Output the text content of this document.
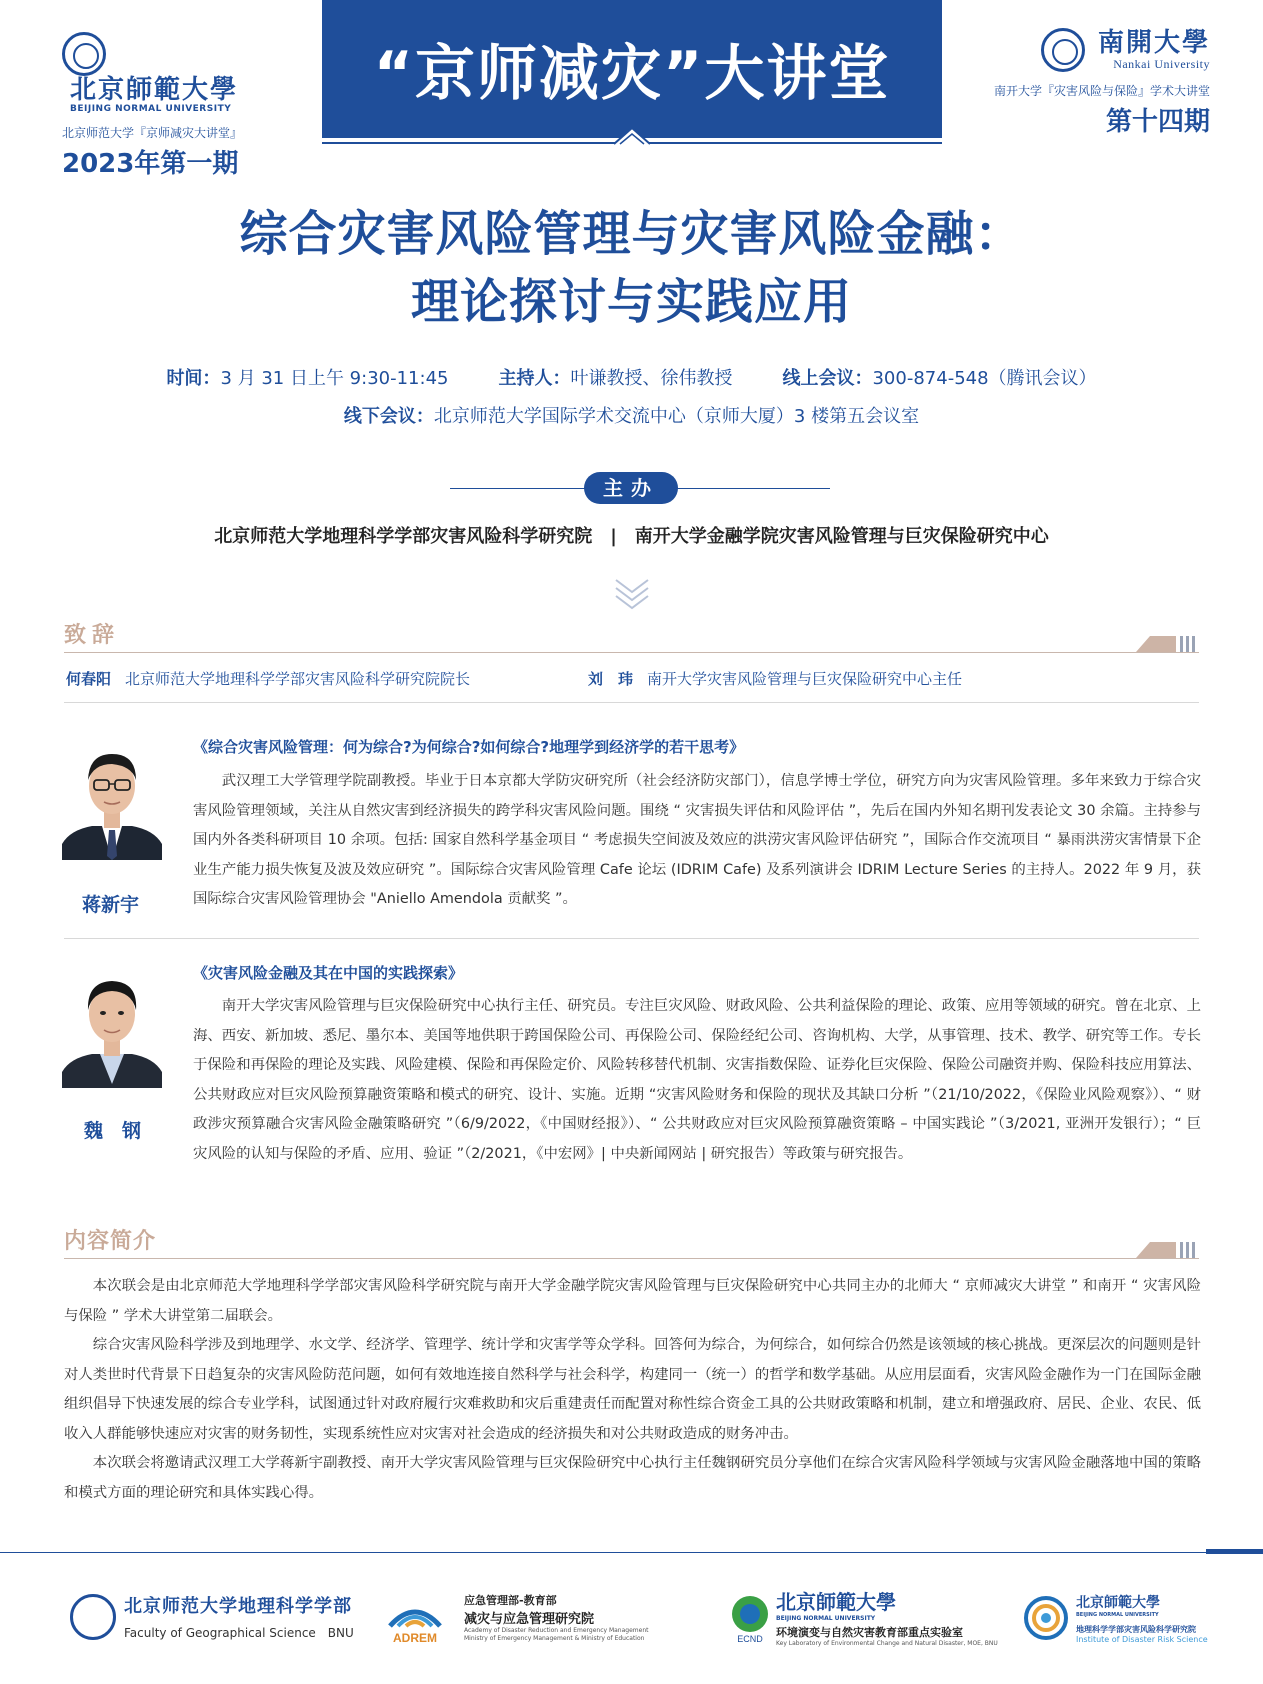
北京師範大學
BEIJING NORMAL UNIVERSITY
北京师范大学『京师减灾大讲堂』
2023年第一期
“京师减灾”大讲堂
	南開大學
Nankai University
南开大学『灾害风险与保险』学术大讲堂
第十四期
综合灾害风险管理与灾害风险金融：
理论探讨与实践应用
时间：3 月 31 日上午 9:30-11:45	主持人：叶谦教授、徐伟教授	线上会议：300-874-548（腾讯会议）
线下会议：北京师范大学国际学术交流中心（京师大厦）3 楼第五会议室
主办
北京师范大学地理科学学部灾害风险科学研究院 | 南开大学金融学院灾害风险管理与巨灾保险研究中心
致辞
何春阳 北京师范大学地理科学学部灾害风险科学研究院院长	刘　玮 南开大学灾害风险管理与巨灾保险研究中心主任
蒋新宇
《综合灾害风险管理：何为综合?为何综合?如何综合?地理学到经济学的若干思考》
武汉理工大学管理学院副教授。毕业于日本京都大学防灾研究所（社会经济防灾部门），信息学博士学位，研究方向为灾害风险管理。多年来致力于综合灾害风险管理领域，关注从自然灾害到经济损失的跨学科灾害风险问题。围绕 “ 灾害损失评估和风险评估 ”，先后在国内外知名期刊发表论文 30 余篇。主持参与国内外各类科研项目 10 余项。包括: 国家自然科学基金项目 “ 考虑损失空间波及效应的洪涝灾害风险评估研究 ”，国际合作交流项目 “ 暴雨洪涝灾害情景下企业生产能力损失恢复及波及效应研究 ”。国际综合灾害风险管理 Cafe 论坛 (IDRIM Cafe) 及系列演讲会 IDRIM Lecture Series 的主持人。2022 年 9 月，获国际综合灾害风险管理协会 "Aniello Amendola 贡献奖 ”。
魏　钢
《灾害风险金融及其在中国的实践探索》
南开大学灾害风险管理与巨灾保险研究中心执行主任、研究员。专注巨灾风险、财政风险、公共利益保险的理论、政策、应用等领域的研究。曾在北京、上海、西安、新加坡、悉尼、墨尔本、美国等地供职于跨国保险公司、再保险公司、保险经纪公司、咨询机构、大学，从事管理、技术、教学、研究等工作。专长于保险和再保险的理论及实践、风险建模、保险和再保险定价、风险转移替代机制、灾害指数保险、证券化巨灾保险、保险公司融资并购、保险科技应用算法、公共财政应对巨灾风险预算融资策略和模式的研究、设计、实施。近期 “灾害风险财务和保险的现状及其缺口分析 ”（21/10/2022，《保险业风险观察》）、“ 财政涉灾预算融合灾害风险金融策略研究 ”（6/9/2022，《中国财经报》）、“ 公共财政应对巨灾风险预算融资策略 – 中国实践论 ”（3/2021, 亚洲开发银行）；“ 巨灾风险的认知与保险的矛盾、应用、验证 ”（2/2021，《中宏网》| 中央新闻网站 | 研究报告）等政策与研究报告。
内容简介

本次联会是由北京师范大学地理科学学部灾害风险科学研究院与南开大学金融学院灾害风险管理与巨灾保险研究中心共同主办的北师大 “ 京师减灾大讲堂 ” 和南开 “ 灾害风险与保险 ” 学术大讲堂第二届联会。

综合灾害风险科学涉及到地理学、水文学、经济学、管理学、统计学和灾害学等众学科。回答何为综合，为何综合，如何综合仍然是该领域的核心挑战。更深层次的问题则是针对人类世时代背景下日趋复杂的灾害风险防范问题，如何有效地连接自然科学与社会科学，构建同一（统一）的哲学和数学基础。从应用层面看，灾害风险金融作为一门在国际金融组织倡导下快速发展的综合专业学科，试图通过针对政府履行灾难救助和灾后重建责任而配置对称性综合资金工具的公共财政策略和机制，建立和增强政府、居民、企业、农民、低收入人群能够快速应对灾害的财务韧性，实现系统性应对灾害对社会造成的经济损失和对公共财政造成的财务冲击。

本次联会将邀请武汉理工大学蒋新宇副教授、南开大学灾害风险管理与巨灾保险研究中心执行主任魏钢研究员分享他们在综合灾害风险科学领域与灾害风险金融落地中国的策略和模式方面的理论研究和具体实践心得。

北京师范大学地理科学学部
Faculty of Geographical Science　BNU	ADREM
应急管理部-教育部
减灾与应急管理研究院
Academy of Disaster Reduction and Emergency Management
Ministry of Emergency Management & Ministry of Education	ECND
北京師範大學
BEIJING NORMAL UNIVERSITY
环境演变与自然灾害教育部重点实验室
Key Laboratory of Environmental Change and Natural Disaster, MOE, BNU
北京師範大學
BEIJING NORMAL UNIVERSITY
地理科学学部灾害风险科学研究院
Institute of Disaster Risk Science
